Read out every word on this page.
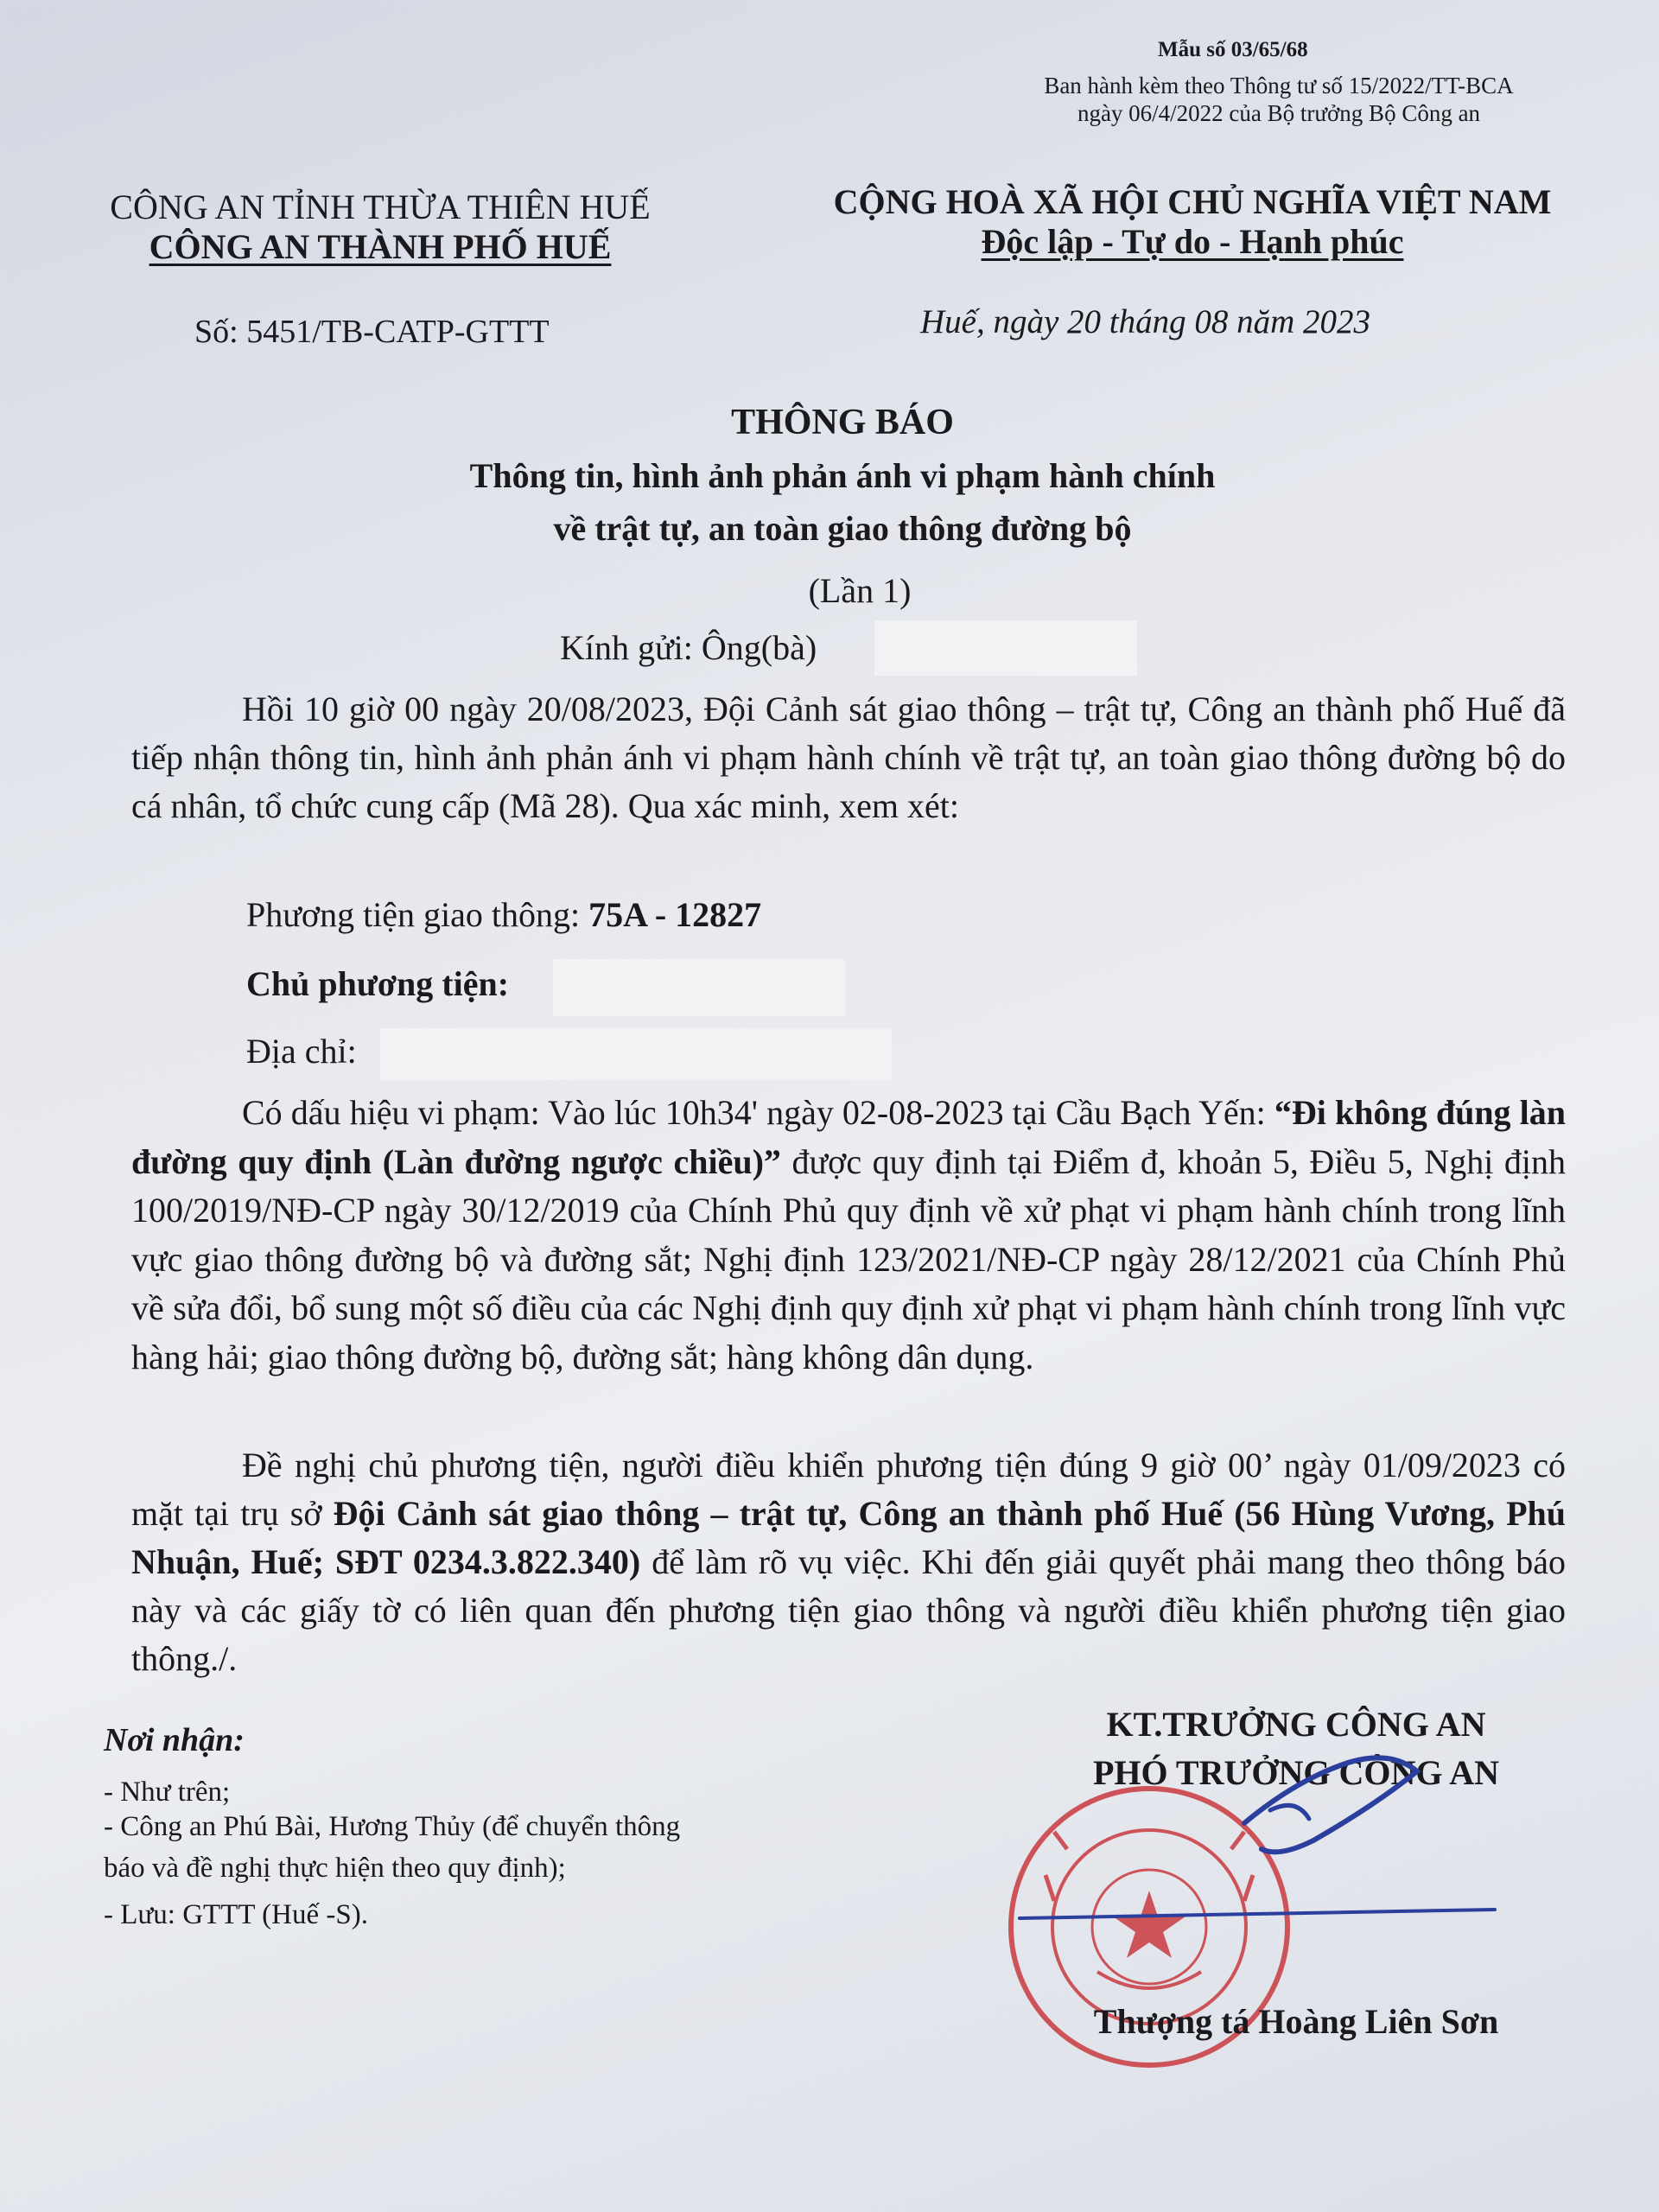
Mẫu số 03/65/68
Ban hành kèm theo Thông tư số 15/2022/TT-BCA
ngày 06/4/2022 của Bộ trưởng Bộ Công an
CÔNG AN TỈNH THỪA THIÊN HUẾ
CÔNG AN THÀNH PHỐ HUẾ
Số: 5451/TB-CATP-GTTT
CỘNG HOÀ XÃ HỘI CHỦ NGHĨA VIỆT NAM
Độc lập - Tự do - Hạnh phúc
Huế, ngày 20 tháng 08 năm 2023
THÔNG BÁO
Thông tin, hình ảnh phản ánh vi phạm hành chính
về trật tự, an toàn giao thông đường bộ
(Lần 1)
Kính gửi: Ông(bà)
Hồi 10 giờ 00 ngày 20/08/2023, Đội Cảnh sát giao thông – trật tự, Công an thành phố Huế đã tiếp nhận thông tin, hình ảnh phản ánh vi phạm hành chính về trật tự, an toàn giao thông đường bộ do cá nhân, tổ chức cung cấp (Mã 28). Qua xác minh, xem xét:
Phương tiện giao thông: 75A - 12827
Chủ phương tiện:
Địa chỉ:
Có dấu hiệu vi phạm: Vào lúc 10h34' ngày 02-08-2023 tại Cầu Bạch Yến: “Đi không đúng làn đường quy định (Làn đường ngược chiều)” được quy định tại Điểm đ, khoản 5, Điều 5, Nghị định 100/2019/NĐ-CP ngày 30/12/2019 của Chính Phủ quy định về xử phạt vi phạm hành chính trong lĩnh vực giao thông đường bộ và đường sắt; Nghị định 123/2021/NĐ-CP ngày 28/12/2021 của Chính Phủ về sửa đổi, bổ sung một số điều của các Nghị định quy định xử phạt vi phạm hành chính trong lĩnh vực hàng hải; giao thông đường bộ, đường sắt; hàng không dân dụng.
Đề nghị chủ phương tiện, người điều khiển phương tiện đúng 9 giờ 00’ ngày 01/09/2023 có mặt tại trụ sở Đội Cảnh sát giao thông – trật tự, Công an thành phố Huế (56 Hùng Vương, Phú Nhuận, Huế; SĐT 0234.3.822.340) để làm rõ vụ việc. Khi đến giải quyết phải mang theo thông báo này và các giấy tờ có liên quan đến phương tiện giao thông và người điều khiển phương tiện giao thông./.
Nơi nhận:
- Như trên;
- Công an Phú Bài, Hương Thủy (để chuyển thông
báo và đề nghị thực hiện theo quy định);
- Lưu: GTTT (Huế -S).
KT.TRƯỞNG CÔNG AN
PHÓ TRƯỞNG CÔNG AN
Thượng tá Hoàng Liên Sơn
